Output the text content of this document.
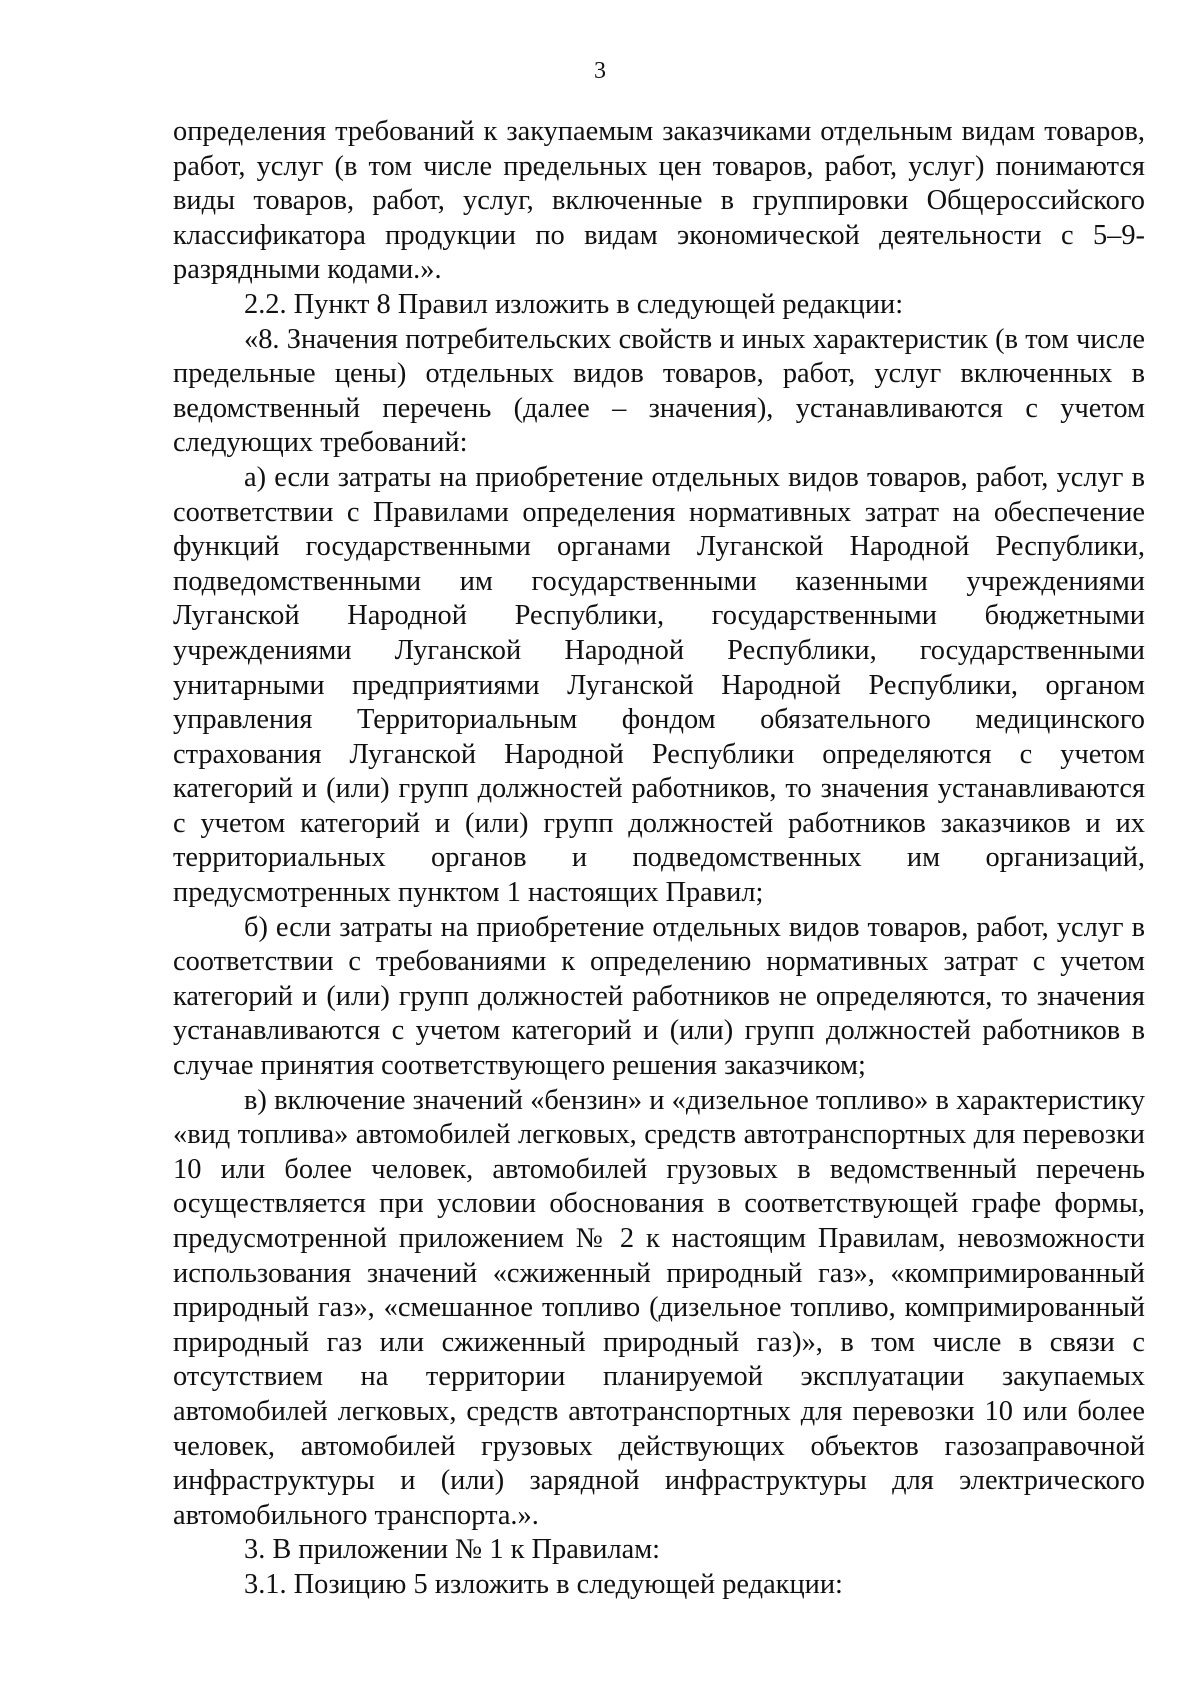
3

определения требований к закупаемым заказчиками отдельным видам товаров, работ, услуг (в том числе предельных цен товаров, работ, услуг) понимаются виды товаров, работ, услуг, включенные в группировки Общероссийского классификатора продукции по видам экономической деятельности с 5–9-разрядными кодами.».

2.2. Пункт 8 Правил изложить в следующей редакции:

«8. Значения потребительских свойств и иных характеристик (в том числе предельные цены) отдельных видов товаров, работ, услуг включенных в ведомственный перечень (далее – значения), устанавливаются с учетом следующих требований:

а) если затраты на приобретение отдельных видов товаров, работ, услуг в соответствии с Правилами определения нормативных затрат на обеспечение функций государственными органами Луганской Народной Республики, подведомственными им государственными казенными учреждениями Луганской Народной Республики, государственными бюджетными учреждениями Луганской Народной Республики, государственными унитарными предприятиями Луганской Народной Республики, органом управления Территориальным фондом обязательного медицинского страхования Луганской Народной Республики определяются с учетом категорий и (или) групп должностей работников, то значения устанавливаются с учетом категорий и (или) групп должностей работников заказчиков и их территориальных органов и подведомственных им организаций, предусмотренных пунктом 1 настоящих Правил;

б) если затраты на приобретение отдельных видов товаров, работ, услуг в соответствии с требованиями к определению нормативных затрат с учетом категорий и (или) групп должностей работников не определяются, то значения устанавливаются с учетом категорий и (или) групп должностей работников в случае принятия соответствующего решения заказчиком;

в) включение значений «бензин» и «дизельное топливо» в характеристику «вид топлива» автомобилей легковых, средств автотранспортных для перевозки 10 или более человек, автомобилей грузовых в ведомственный перечень осуществляется при условии обоснования в соответствующей графе формы, предусмотренной приложением № 2 к настоящим Правилам, невозможности использования значений «сжиженный природный газ», «компримированный природный газ», «смешанное топливо (дизельное топливо, компримированный природный газ или сжиженный природный газ)», в том числе в связи с отсутствием на территории планируемой эксплуатации закупаемых автомобилей легковых, средств автотранспортных для перевозки 10 или более человек, автомобилей грузовых действующих объектов газозаправочной инфраструктуры и (или) зарядной инфраструктуры для электрического автомобильного транспорта.».

3. В приложении № 1 к Правилам:

3.1. Позицию 5 изложить в следующей редакции:
